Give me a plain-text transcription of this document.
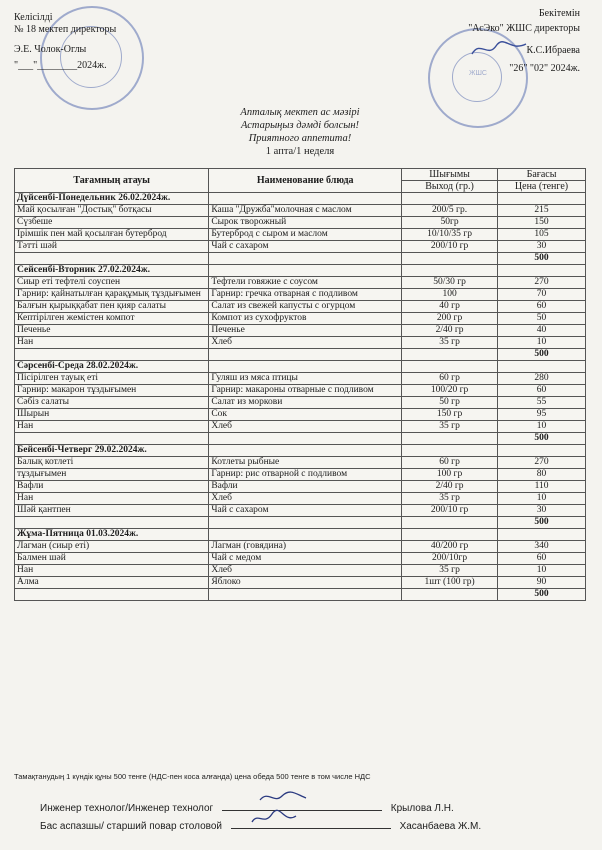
Келісілді
№ 18 мектеп директоры
Э.Е. Чолок-Оглы
"___"________2024ж.
ЖШС
Бекітемін
"АсЭко" ЖШС директоры
К.С.Ибраева
"26" "02" 2024ж.
Апталық мектеп ас мәзірі
Астарыңыз дәмді болсын!
Приятного аппетита!
1 апта/1 неделя
Тағамның атауы	Наименование блюда	Шығымы	Бағасы
		Выход (гр.)	Цена (тенге)
Дүйсенбі-Понедельник 26.02.2024ж.			
Май қосылған "Достық" ботқасы	Каша "Дружба"молочная с маслом	200/5 гр.	215
Сүзбеше	Сырок творожный	50гр	150
Ірімшік пен май қосылған бутерброд	Бутерброд с сыром и маслом	10/10/35 гр	105
Тәтті шәй	Чай с сахаром	200/10 гр	30
			500
Сейсенбі-Вторник 27.02.2024ж.			
Сиыр еті тефтелі соуспен	Тефтели говяжие с соусом	50/30 гр	270
Гарнир: қайнатылған қарақұмық тұздығымен	Гарнир: гречка отварная с подливом	100	70
Балғын қырыққабат пен қияр салаты	Салат из свежей капусты с огурцом	40 гр	60
Кептірілген жемістен компот	Компот из сухофруктов	200 гр	50
Печенье	Печенье	2/40 гр	40
Нан	Хлеб	35 гр	10
			500
Сәрсенбі-Среда 28.02.2024ж.			
Пісірілген тауық еті	Гуляш из мяса птицы	60 гр	280
Гарнир: макарон тұздығымен	Гарнир: макароны отварные с подливом	100/20 гр	60
Сәбіз салаты	Салат из моркови	50 гр	55
Шырын	Сок	150 гр	95
Нан	Хлеб	35 гр	10
			500
Бейсенбі-Четверг 29.02.2024ж.			
Балық котлеті	Котлеты рыбные	60 гр	270
тұздығымен	Гарнир: рис отварной с подливом	100 гр	80
Вафли	Вафли	2/40 гр	110
Нан	Хлеб	35 гр	10
Шәй қантпен	Чай с сахаром	200/10 гр	30
			500
Жұма-Пятница 01.03.2024ж.			
Лагман (сиыр еті)	Лагман (говядина)	40/200 гр	340
Балмен шәй	Чай с медом	200/10гр	60
Нан	Хлеб	35 гр	10
Алма	Яблоко	1шт (100 гр)	90
			500
Тамақтанудың 1 күндік құны 500 тенге (НДС-пен коса алғанда) цена обеда 500 тенге в том числе НДС
Инженер технолог/Инженер технолог	Крылова Л.Н.
Бас аспазшы/ старший повар столовой	Хасанбаева Ж.М.
